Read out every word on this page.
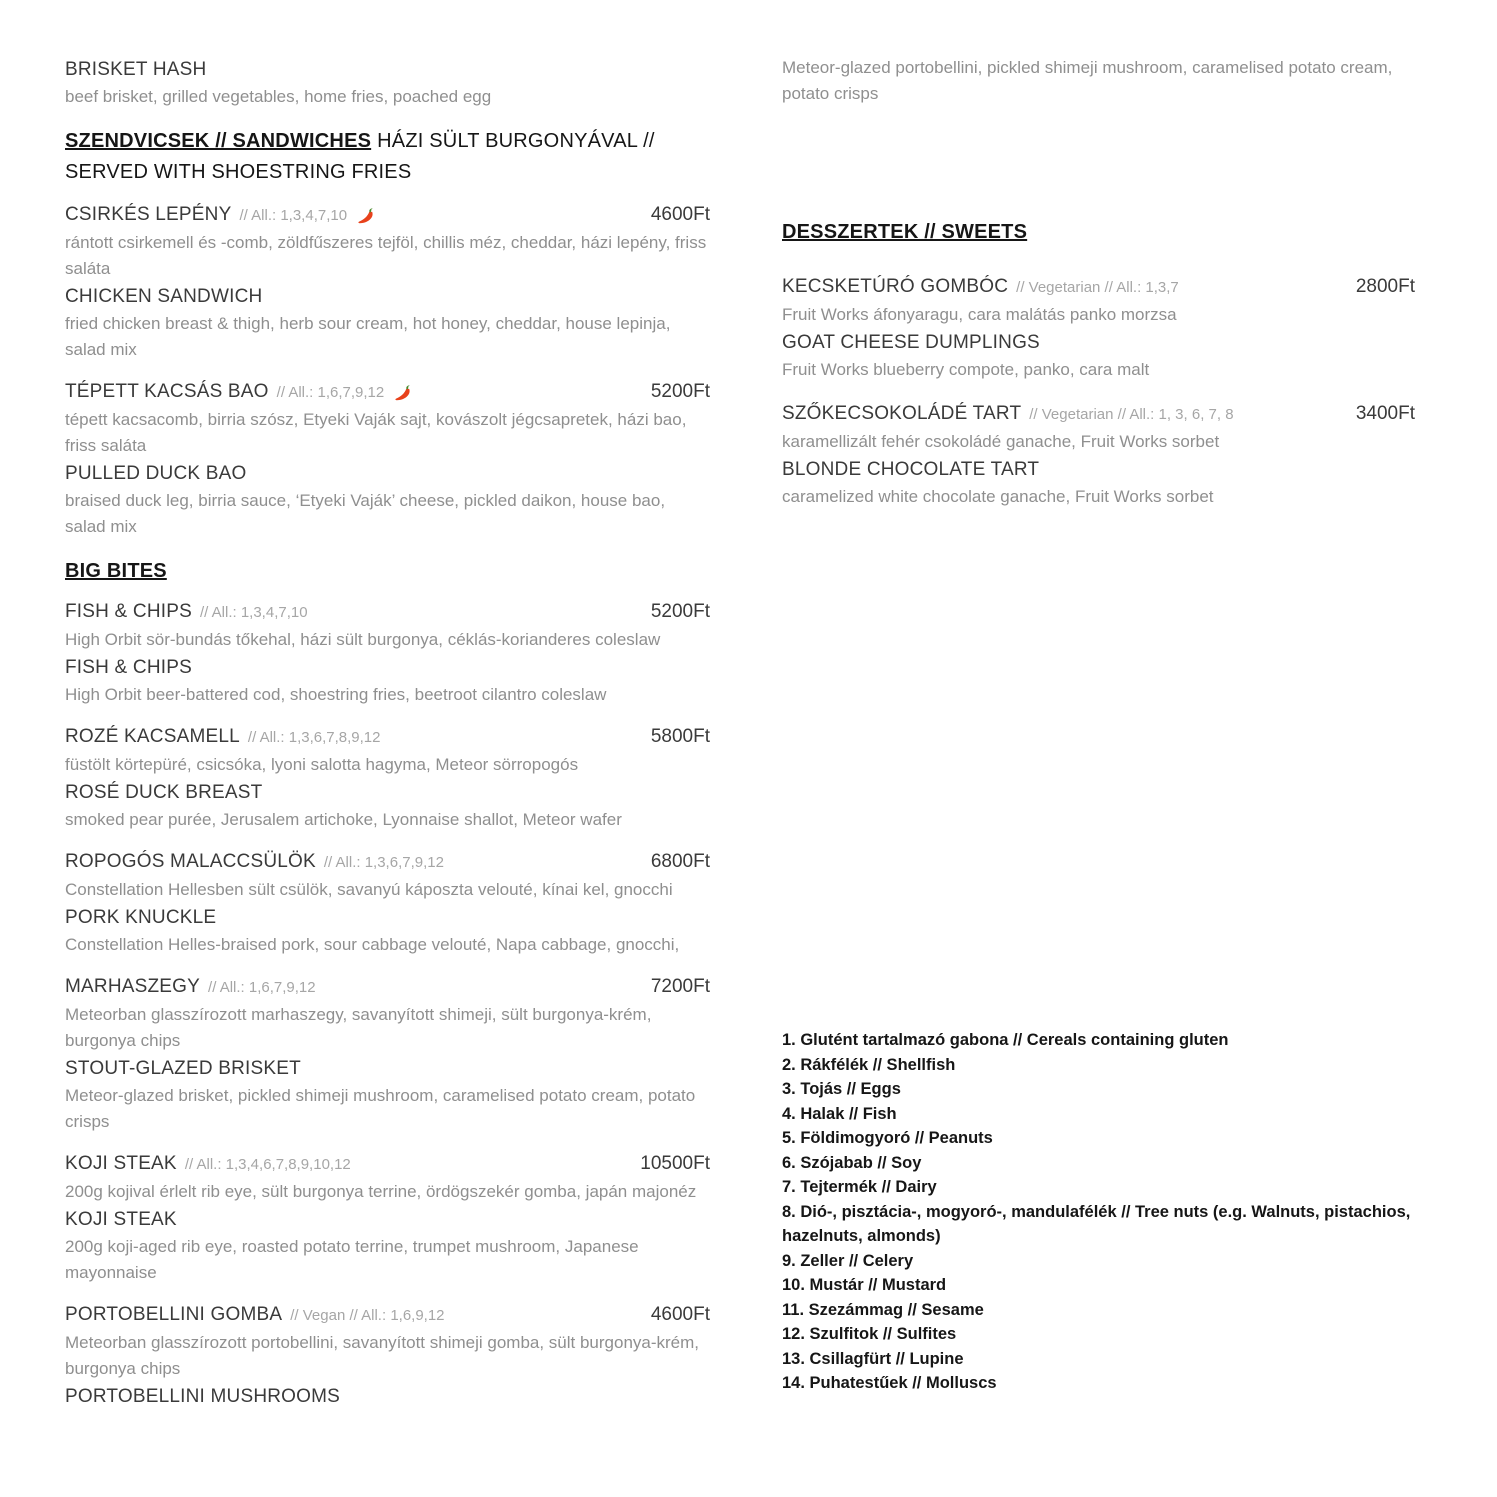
BRISKET HASH
beef brisket, grilled vegetables, home fries, poached egg
SZENDVICSEK // SANDWICHES HÁZI SÜLT BURGONYÁVAL // SERVED WITH SHOESTRING FRIES
CSIRKÉS LEPÉNY // All.: 1,3,4,7,10	4600Ft
rántott csirkemell és -comb, zöldfűszeres tejföl, chillis méz, cheddar, házi lepény, friss saláta
CHICKEN SANDWICH
fried chicken breast & thigh, herb sour cream, hot honey, cheddar, house lepinja, salad mix
TÉPETT KACSÁS BAO // All.: 1,6,7,9,12	5200Ft
tépett kacsacomb, birria szósz, Etyeki Vaják sajt, kovászolt jégcsapretek, házi bao, friss saláta
PULLED DUCK BAO
braised duck leg, birria sauce, ‘Etyeki Vaják’ cheese, pickled daikon, house bao, salad mix
BIG BITES
FISH & CHIPS // All.: 1,3,4,7,10	5200Ft
High Orbit sör-bundás tőkehal, házi sült burgonya, céklás-korianderes coleslaw
FISH & CHIPS
High Orbit beer-battered cod, shoestring fries, beetroot cilantro coleslaw
ROZÉ KACSAMELL // All.: 1,3,6,7,8,9,12	5800Ft
füstölt körtepüré, csicsóka, lyoni salotta hagyma, Meteor sörropogós
ROSÉ DUCK BREAST
smoked pear purée, Jerusalem artichoke, Lyonnaise shallot, Meteor wafer
ROPOGÓS MALACCSÜLÖK // All.: 1,3,6,7,9,12	6800Ft
Constellation Hellesben sült csülök, savanyú káposzta velouté, kínai kel, gnocchi
PORK KNUCKLE
Constellation Helles-braised pork, sour cabbage velouté, Napa cabbage, gnocchi,
MARHASZEGY // All.: 1,6,7,9,12	7200Ft
Meteorban glasszírozott marhaszegy, savanyított shimeji, sült burgonya-krém, burgonya chips
STOUT-GLAZED BRISKET
Meteor-glazed brisket, pickled shimeji mushroom, caramelised potato cream, potato crisps
KOJI STEAK // All.: 1,3,4,6,7,8,9,10,12	10500Ft
200g kojival érlelt rib eye, sült burgonya terrine, ördögszekér gomba, japán majonéz
KOJI STEAK
200g koji-aged rib eye, roasted potato terrine, trumpet mushroom, Japanese mayonnaise
PORTOBELLINI GOMBA // Vegan // All.: 1,6,9,12	4600Ft
Meteorban glasszírozott portobellini, savanyított shimeji gomba, sült burgonya-krém, burgonya chips
PORTOBELLINI MUSHROOMS
Meteor-glazed portobellini, pickled shimeji mushroom, caramelised potato cream, potato crisps
DESSZERTEK // SWEETS
KECSKETÚRÓ GOMBÓC // Vegetarian // All.: 1,3,7	2800Ft
Fruit Works áfonyaragu, cara malátás panko morzsa
GOAT CHEESE DUMPLINGS
Fruit Works blueberry compote, panko, cara malt
SZŐKECSOKOLÁDÉ TART // Vegetarian // All.: 1, 3, 6, 7, 8	3400Ft
karamellizált fehér csokoládé ganache, Fruit Works sorbet
BLONDE CHOCOLATE TART
caramelized white chocolate ganache, Fruit Works sorbet
1. Glutént tartalmazó gabona // Cereals containing gluten
2. Rákfélék // Shellfish
3. Tojás // Eggs
4. Halak // Fish
5. Földimogyoró // Peanuts
6. Szójabab // Soy
7. Tejtermék // Dairy
8. Dió-, pisztácia-, mogyoró-, mandulafélék // Tree nuts (e.g. Walnuts, pistachios, hazelnuts, almonds)
9. Zeller // Celery
10. Mustár // Mustard
11. Szezámmag // Sesame
12. Szulfitok // Sulfites
13. Csillagfürt // Lupine
14. Puhatestűek // Molluscs
